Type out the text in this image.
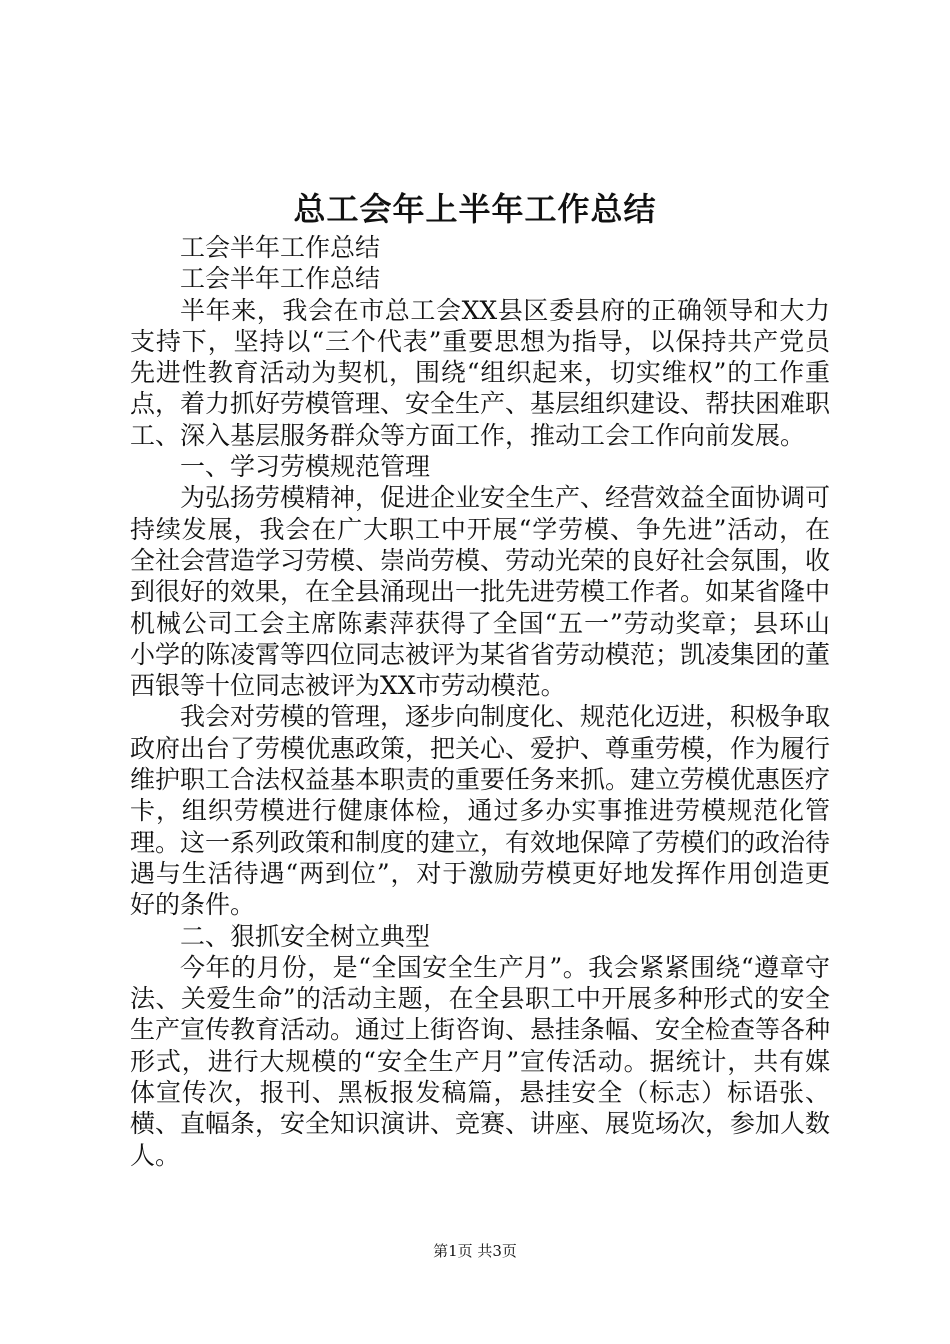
总工会年上半年工作总结

工会半年工作总结

工会半年工作总结

半年来，我会在市总工会XX县区委县府的正确领导和大力支持下，坚持以“三个代表”重要思想为指导，以保持共产党员先进性教育活动为契机，围绕“组织起来，切实维权”的工作重点，着力抓好劳模管理、安全生产、基层组织建设、帮扶困难职工、深入基层服务群众等方面工作，推动工会工作向前发展。

一、学习劳模规范管理

为弘扬劳模精神，促进企业安全生产、经营效益全面协调可持续发展，我会在广大职工中开展“学劳模、争先进”活动，在全社会营造学习劳模、崇尚劳模、劳动光荣的良好社会氛围，收到很好的效果，在全县涌现出一批先进劳模工作者。如某省隆中机械公司工会主席陈素萍获得了全国“五一”劳动奖章；县环山小学的陈凌霄等四位同志被评为某省省劳动模范；凯凌集团的董西银等十位同志被评为XX市劳动模范。

我会对劳模的管理，逐步向制度化、规范化迈进，积极争取政府出台了劳模优惠政策，把关心、爱护、尊重劳模，作为履行维护职工合法权益基本职责的重要任务来抓。建立劳模优惠医疗卡，组织劳模进行健康体检，通过多办实事推进劳模规范化管理。这一系列政策和制度的建立，有效地保障了劳模们的政治待遇与生活待遇“两到位”，对于激励劳模更好地发挥作用创造更好的条件。

二、狠抓安全树立典型

今年的月份，是“全国安全生产月”。我会紧紧围绕“遵章守法、关爱生命”的活动主题，在全县职工中开展多种形式的安全生产宣传教育活动。通过上街咨询、悬挂条幅、安全检查等各种形式，进行大规模的“安全生产月”宣传活动。据统计，共有媒体宣传次，报刊、黑板报发稿篇，悬挂安全（标志）标语张、横、直幅条，安全知识演讲、竞赛、讲座、展览场次，参加人数人。

第1页 共3页
